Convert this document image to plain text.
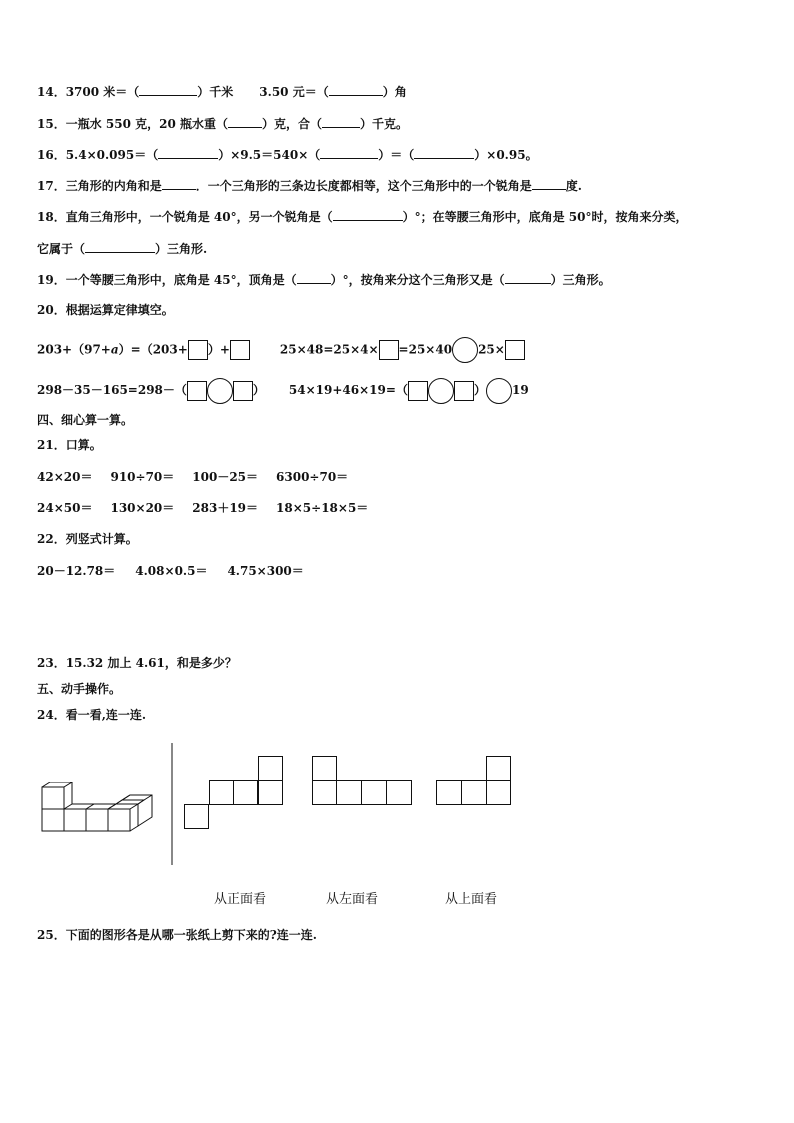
14．3700 米＝（	）千米 3.50 元＝（	）角
15．一瓶水 550 克，20 瓶水重（	）克，合（	）千克。
16．5.4×0.095＝（	）×9.5＝540×（	）＝（	）×0.95。
17．三角形的内角和是	．一个三角形的三条边长度都相等，这个三角形中的一个锐角是	度.
18．直角三角形中，一个锐角是 40°，另一个锐角是（	）°；在等腰三角形中，底角是 50°时，按角来分类，
它属于（	）三角形.
19．一个等腰三角形中，底角是 45°，顶角是（	）°，按角来分这个三角形又是（	）三角形。
20．根据运算定律填空。
203+（97+a）=（203+ ）+	25×48=25×4× =25×40 25×
298－35－165=298－（	） 54×19+46×19=（	） 19
四、细心算一算。
21．口算。
42×20＝ 910÷70＝ 100－25＝ 6300÷70＝
24×50＝ 130×20＝ 283＋19＝ 18×5÷18×5＝
22．列竖式计算。
20－12.78＝ 4.08×0.5＝ 4.75×300＝
23．15.32 加上 4.61，和是多少？
五、动手操作。
24．看一看,连一连.
从正面看	从左面看	从上面看
25．下面的图形各是从哪一张纸上剪下来的?连一连.
